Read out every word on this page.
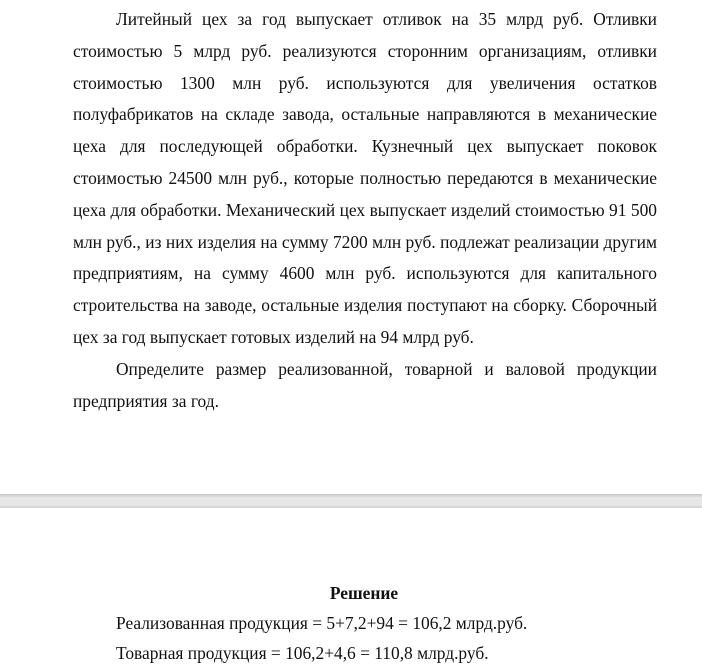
Литейный цех за год выпускает отливок на 35 млрд руб. Отливки стоимостью 5 млрд руб. реализуются сторонним организациям, отливки стоимостью 1300 млн руб. используются для увеличения остатков полуфабрикатов на складе завода, остальные направляются в механические цеха для последующей обработки. Кузнечный цех выпускает поковок стоимостью 24500 млн руб., которые полностью передаются в механические цеха для обработки. Механический цех выпускает изделий стоимостью 91 500 млн руб., из них изделия на сумму 7200 млн руб. подлежат реализации другим предприятиям, на сумму 4600 млн руб. используются для капитального строительства на заводе, остальные изделия поступают на сборку. Сборочный цех за год выпускает готовых изделий на 94 млрд руб.

Определите размер реализованной, товарной и валовой продукции предприятия за год.

Решение

Реализованная продукция = 5+7,2+94 = 106,2 млрд.руб.

Товарная продукция = 106,2+4,6 = 110,8 млрд.руб.
